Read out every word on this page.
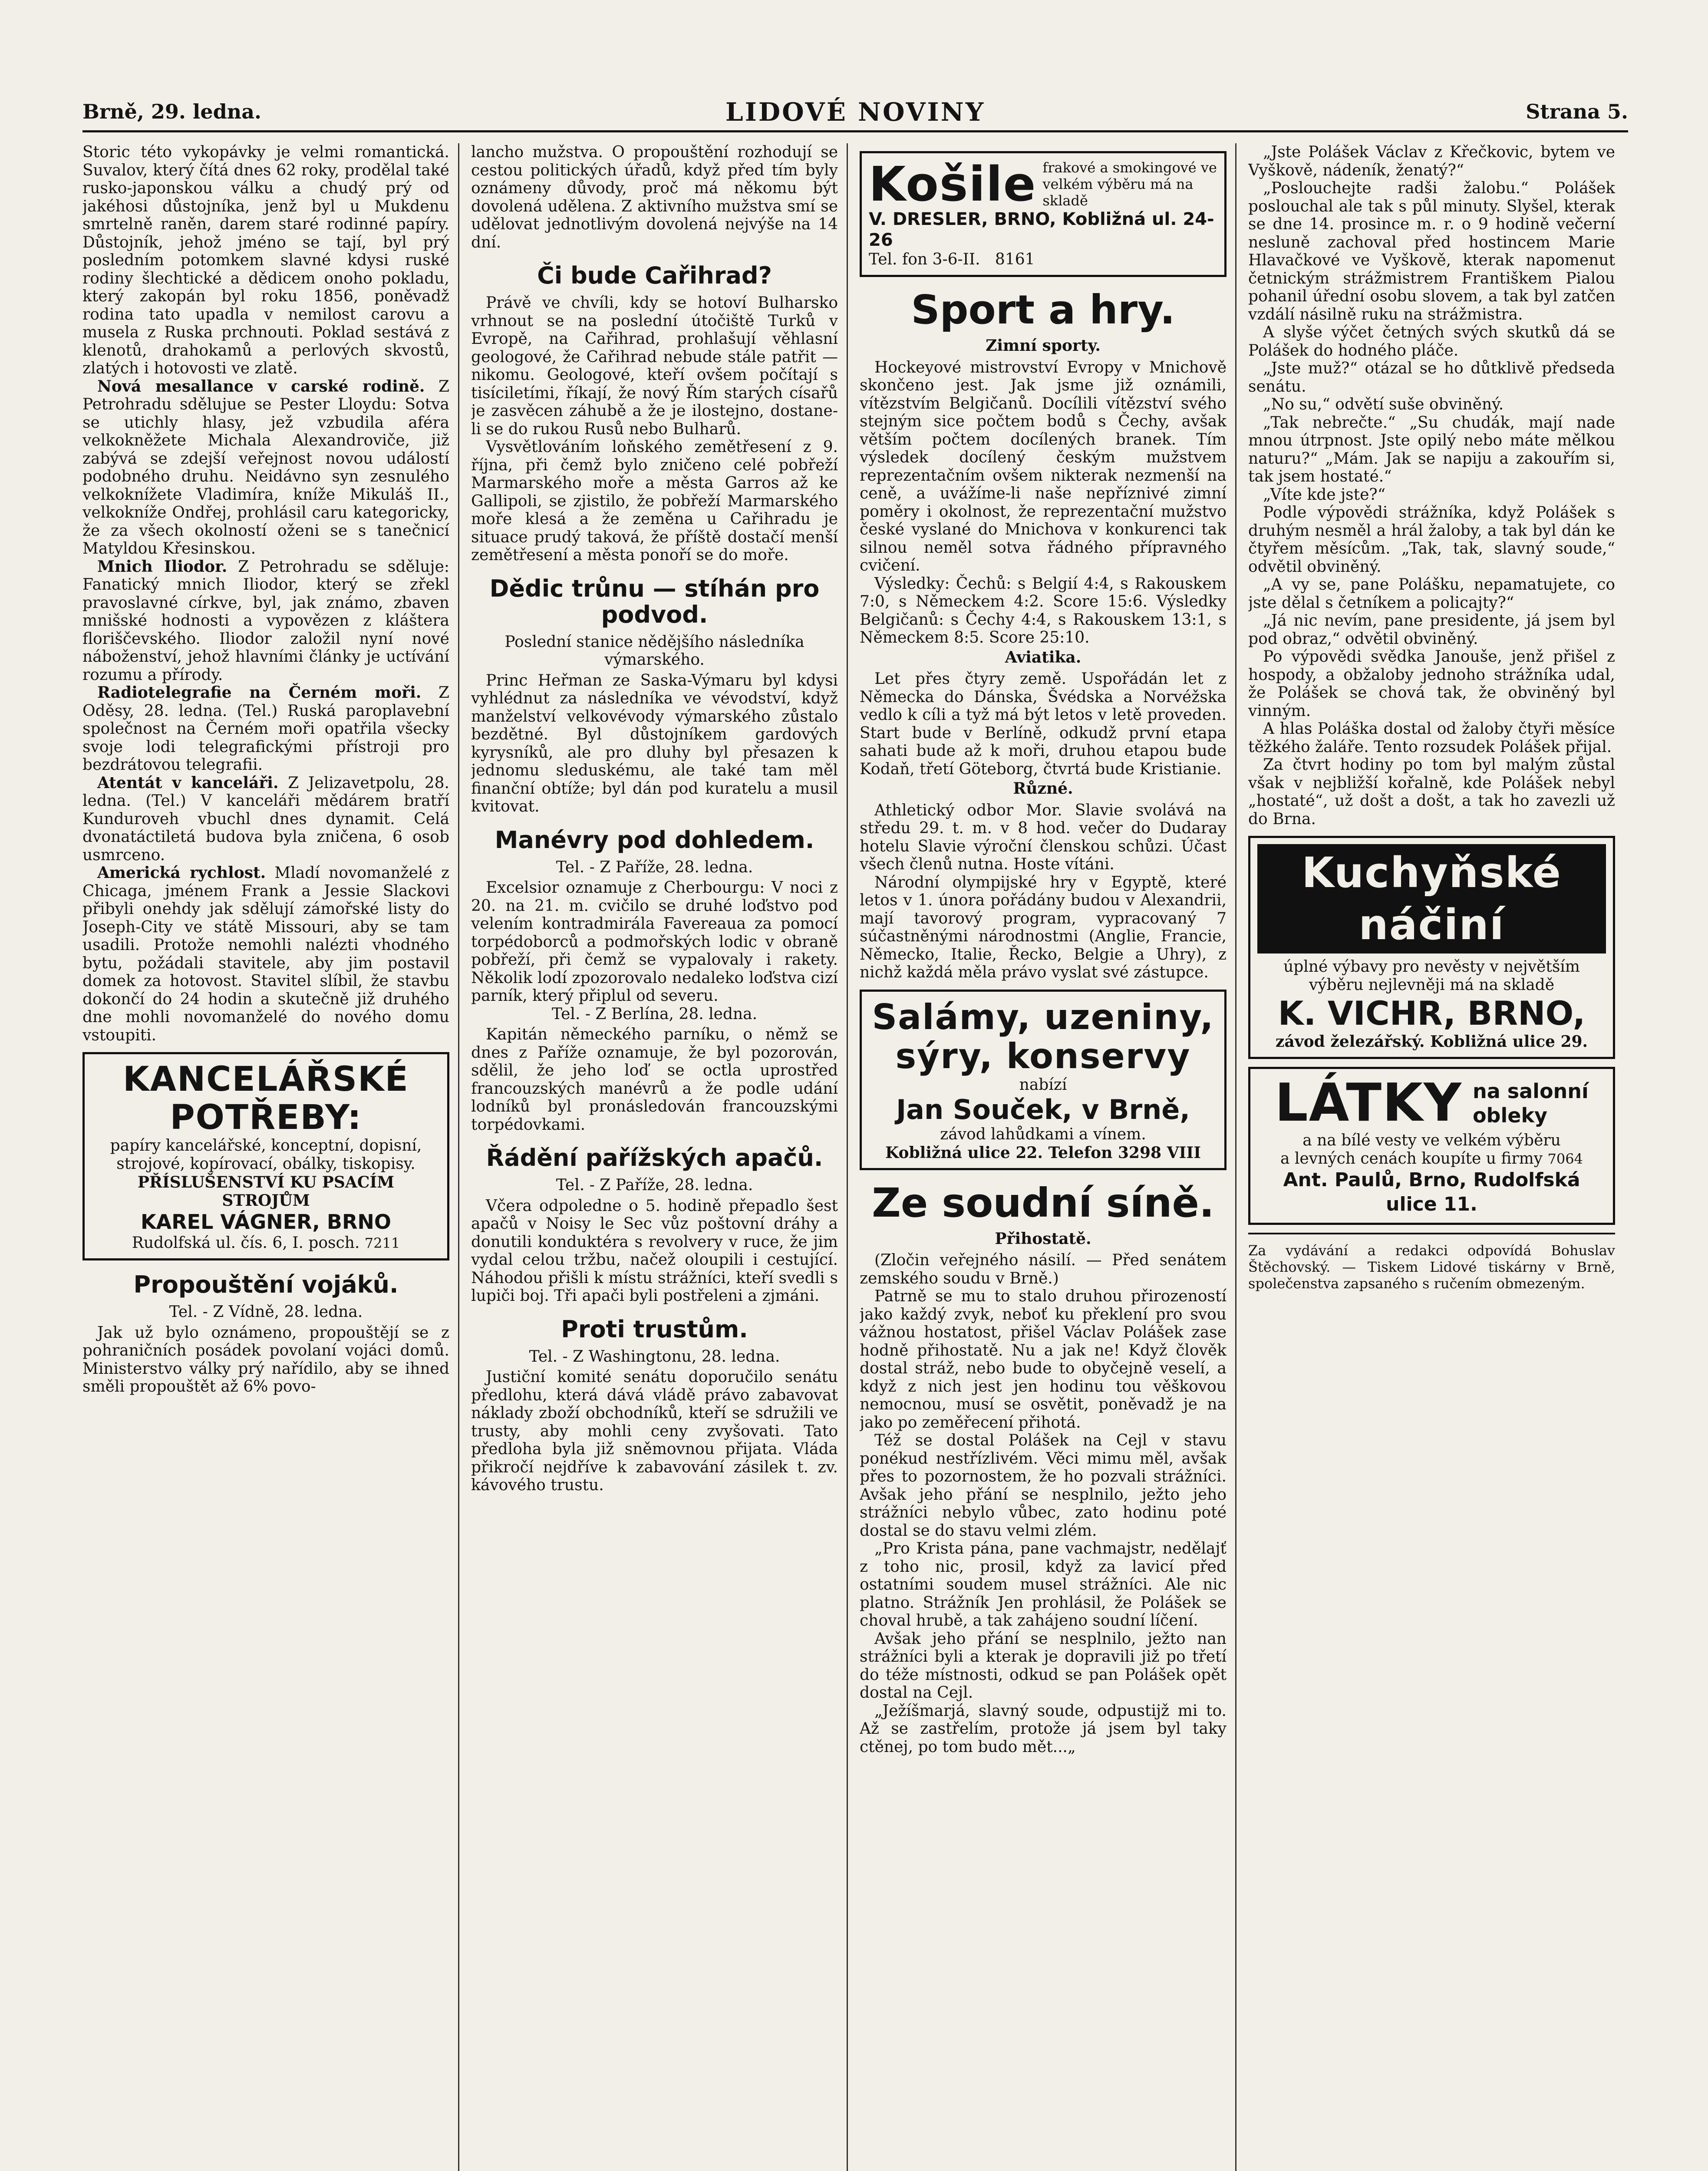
Brně, 29. ledna.	LIDOVÉ NOVINY	Strana 5.

Storic této vykopávky je velmi romantická. Suvalov, který čítá dnes 62 roky, prodělal také rusko-japonskou válku a chudý prý od jakéhosi důstojníka, jenž byl u Mukdenu smrtelně raněn, darem staré rodinné papíry. Důstojník, jehož jméno se tají, byl prý posledním potomkem slavné kdysi ruské rodiny šlechtické a dědicem onoho pokladu, který zakopán byl roku 1856, poněvadž rodina tato upadla v nemilost carovu a musela z Ruska prchnouti. Poklad sestává z klenotů, drahokamů a perlových skvostů, zlatých i hotovosti ve zlatě.

Nová mesallance v carské rodině. Z Petrohradu sdělujue se Pester Lloydu: Sotva se utichly hlasy, jež vzbudila aféra velkokněžete Michala Alexandroviče, již zabývá se zdejší veřejnost novou událostí podobného druhu. Neidávno syn zesnulého velkoknížete Vladimíra, kníže Mikuláš II., velkokníže Ondřej, prohlásil caru kategoricky, že za všech okolností oženi se s tanečnicí Matyldou Křesinskou.

Mnich Iliodor. Z Petrohradu se sděluje: Fanatický mnich Iliodor, který se zřekl pravoslavné církve, byl, jak známo, zbaven mnišské hodnosti a vypovězen z kláštera floriščevského. Iliodor založil nyní nové náboženství, jehož hlavními články je uctívání rozumu a přírody.

Radiotelegrafie na Černém moři. Z Oděsy, 28. ledna. (Tel.) Ruská paroplavební společnost na Černém moři opatřila všecky svoje lodi telegrafickými přístroji pro bezdrátovou telegrafii.

Atentát v kanceláři. Z Jelizavetpolu, 28. ledna. (Tel.) V kanceláři mědárem bratří Kunduroveh vbuchl dnes dynamit. Celá dvonatáctiletá budova byla zničena, 6 osob usmrceno.

Americká rychlost. Mladí novomanželé z Chicaga, jménem Frank a Jessie Slackovi přibyli onehdy jak sdělují zámořské listy do Joseph-City ve státě Missouri, aby se tam usadili. Protože nemohli nalézti vhodného bytu, požádali stavitele, aby jim postavil domek za hotovost. Stavitel slíbil, že stavbu dokončí do 24 hodin a skutečně již druhého dne mohli novomanželé do nového domu vstoupiti.

KANCELÁŘSKÉ POTŘEBY:
papíry kancelářské, konceptní, dopisní,
strojové, kopírovací, obálky, tiskopisy.
PŘÍSLUŠENSTVÍ KU PSACÍM STROJŮM
KAREL VÁGNER, BRNO
Rudolfská ul. čís. 6, I. posch. 7211
Propouštění vojáků.
Tel. - Z Vídně, 28. ledna.

Jak už bylo oznámeno, propouštějí se z pohraničních posádek povolaní vojáci domů. Ministerstvo války prý nařídilo, aby se ihned směli propouštět až 6% povo-

lancho mužstva. O propouštění rozhodují se cestou politických úřadů, když před tím byly oznámeny důvody, proč má někomu být dovolená udělena. Z aktivního mužstva smí se udělovat jednotlivým dovolená nejvýše na 14 dní.

Či bude Cařihrad?

Právě ve chvíli, kdy se hotoví Bulharsko vrhnout se na poslední útočiště Turků v Evropě, na Cařihrad, prohlašují věhlasní geologové, že Cařihrad nebude stále patřit — nikomu. Geologové, kteří ovšem počítají s tisíciletími, říkají, že nový Řím starých císařů je zasvěcen záhubě a že je ilostejno, dostane-li se do rukou Rusů nebo Bulharů.

Vysvětlováním loňského zemětřesení z 9. října, při čemž bylo zničeno celé pobřeží Marmarského moře a města Garros až ke Gallipoli, se zjistilo, že pobřeží Marmarského moře klesá a že zeměna u Cařihradu je situace prudý taková, že příště dostačí menší zemětřesení a města ponoří se do moře.

Dědic trůnu — stíhán pro podvod.
Poslední stanice nědějšího následníka výmarského.

Princ Heřman ze Saska-Výmaru byl kdysi vyhlédnut za následníka ve vévodství, když manželství velkovévody výmarského zůstalo bezdětné. Byl důstojníkem gardových kyrysníků, ale pro dluhy byl přesazen k jednomu sleduskému, ale také tam měl finanční obtíže; byl dán pod kuratelu a musil kvitovat.

Manévry pod dohledem.
Tel. - Z Paříže, 28. ledna.

Excelsior oznamuje z Cherbourgu: V noci z 20. na 21. m. cvičilo se druhé loďstvo pod velením kontradmirála Favereaua za pomocí torpédoborců a podmořských lodic v obraně pobřeží, při čemž se vypalovaly i rakety. Několik lodí zpozorovalo nedaleko loďstva cizí parník, který připlul od severu.

Tel. - Z Berlína, 28. ledna.

Kapitán německého parníku, o němž se dnes z Paříže oznamuje, že byl pozorován, sdělil, že jeho loď se octla uprostřed francouzských manévrů a že podle udání lodníků byl pronásledován francouzskými torpédovkami.

Řádění pařížských apačů.
Tel. - Z Paříže, 28. ledna.

Včera odpoledne o 5. hodině přepadlo šest apačů v Noisy le Sec vůz poštovní dráhy a donutili konduktéra s revolvery v ruce, že jim vydal celou tržbu, načež oloupili i cestující. Náhodou přišli k místu strážníci, kteří svedli s lupiči boj. Tři apači byli postřeleni a zjmáni.

Proti trustům.
Tel. - Z Washingtonu, 28. ledna.

Justiční komité senátu doporučilo senátu předlohu, která dává vládě právo zabavovat náklady zboží obchodníků, kteří se sdružili ve trusty, aby mohli ceny zvyšovati. Tato předloha byla již sněmovnou přijata. Vláda přikročí nejdříve k zabavování zásilek t. zv. kávového trustu.

Košile frakové a smokingové ve velkém výběru má na skladě
V. DRESLER, BRNO, Kobližná ul. 24-26
Tel. fon 3-6-II. 8161
Sport a hry.
Zimní sporty.

Hockeyové mistrovství Evropy v Mnichově skončeno jest. Jak jsme již oznámili, vítězstvím Belgičanů. Docílili vítězství svého stejným sice počtem bodů s Čechy, avšak větším počtem docílených branek. Tím výsledek docílený českým mužstvem reprezentačním ovšem nikterak nezmenší na ceně, a uvážíme-li naše nepříznivé zimní poměry i okolnost, že reprezentační mužstvo české vyslané do Mnichova v konkurenci tak silnou neměl sotva řádného přípravného cvičení.

Výsledky: Čechů: s Belgií 4:4, s Rakouskem 7:0, s Německem 4:2. Score 15:6. Výsledky Belgičanů: s Čechy 4:4, s Rakouskem 13:1, s Německem 8:5. Score 25:10.

Aviatika.

Let přes čtyry země. Uspořádán let z Německa do Dánska, Švédska a Norvéžska vedlo k cíli a tyž má být letos v letě proveden. Start bude v Berlíně, odkudž první etapa sahati bude až k moři, druhou etapou bude Kodaň, třetí Göteborg, čtvrtá bude Kristianie.

Různé.

Athletický odbor Mor. Slavie svolává na středu 29. t. m. v 8 hod. večer do Dudaray hotelu Slavie výroční členskou schůzi. Účast všech členů nutna. Hoste vítáni.

Národní olympijské hry v Egyptě, které letos v 1. února pořádány budou v Alexandrii, mají tavorový program, vypracovaný 7 súčastněnými národnostmi (Anglie, Francie, Německo, Italie, Řecko, Belgie a Uhry), z nichž každá měla právo vyslat své zástupce.

Salámy, uzeniny, sýry, konservy
nabízí
Jan Souček, v Brně,
závod lahůdkami a vínem.
Kobližná ulice 22. Telefon 3298 VIII
Ze soudní síně.
Přihostatě.

(Zločin veřejného násilí. — Před senátem zemského soudu v Brně.)

Patrně se mu to stalo druhou přirozeností jako každý zvyk, neboť ku překlení pro svou vážnou hostatost, přišel Václav Polášek zase hodně přihostatě. Nu a jak ne! Když člověk dostal stráž, nebo bude to obyčejně veselí, a když z nich jest jen hodinu tou věškovou nemocnou, musí se osvětit, poněvadž je na jako po zeměřecení přihotá.

Též se dostal Polášek na Cejl v stavu ponékud nestřízlivém. Věci mimu měl, avšak přes to pozornostem, že ho pozvali strážníci. Avšak jeho přání se nesplnilo, ježto jeho strážníci nebylo vůbec, zato hodinu poté dostal se do stavu velmi zlém.

„Pro Krista pána, pane vachmajstr, nedělajť z toho nic, prosil, když za lavicí před ostatními soudem musel strážníci. Ale nic platno. Strážník Jen prohlásil, že Polášek se choval hrubě, a tak zahájeno soudní líčení.

Avšak jeho přání se nesplnilo, ježto nan strážníci byli a kterak je dopravili již po třetí do téže místnosti, odkud se pan Polášek opět dostal na Cejl.

„Ježíšmarjá, slavný soude, odpustijž mi to. Až se zastřelím, protože já jsem byl taky ctěnej, po tom budo mět...„

„Jste Polášek Václav z Křečkovic, bytem ve Vyškově, nádeník, ženatý?“

„Poslouchejte radši žalobu.“ Polášek poslouchal ale tak s půl minuty. Slyšel, kterak se dne 14. prosince m. r. o 9 hodině večerní nesluně zachoval před hostincem Marie Hlavačkové ve Vyškově, kterak napomenut četnickým strážmistrem Františkem Pialou pohanil úřední osobu slovem, a tak byl zatčen vzdálí násilně ruku na strážmistra.

A slyše výčet četných svých skutků dá se Polášek do hodného pláče.

„Jste muž?“ otázal se ho důtklivě předseda senátu.

„No su,“ odvětí suše obviněný.

„Tak nebrečte.“ „Su chudák, mají nade mnou útrpnost. Jste opilý nebo máte mělkou naturu?“ „Mám. Jak se napiju a zakouřím si, tak jsem hostaté.“

„Víte kde jste?“

Podle výpovědi strážníka, když Polášek s druhým nesměl a hrál žaloby, a tak byl dán ke čtyřem měsícům. „Tak, tak, slavný soude,“ odvětil obviněný.

„A vy se, pane Polášku, nepamatujete, co jste dělal s četníkem a policajty?“

„Já nic nevím, pane presidente, já jsem byl pod obraz,“ odvětil obviněný.

Po výpovědi svědka Janouše, jenž přišel z hospody, a obžaloby jednoho strážníka udal, že Polášek se chová tak, že obviněný byl vinným.

A hlas Poláška dostal od žaloby čtyři měsíce těžkého žaláře. Tento rozsudek Polášek přijal.

Za čtvrt hodiny po tom byl malým zůstal však v nejbližší kořalně, kde Polášek nebyl „hostaté“, už došt a došt, a tak ho zavezli už do Brna.

Kuchyňské náčiní
úplné výbavy pro nevěsty v největším výběru nejlevněji má na skladě
K. VICHR, BRNO,
závod železářský. Kobližná ulice 29.
LÁTKY na salonní
obleky
a na bílé vesty ve velkém výběru
a levných cenách koupíte u firmy 7064
Ant. Paulů, Brno, Rudolfská ulice 11.

Za vydávání a redakci odpovídá Bohuslav Štěchovský. — Tiskem Lidové tiskárny v Brně, společenstva zapsaného s ručením obmezeným.
